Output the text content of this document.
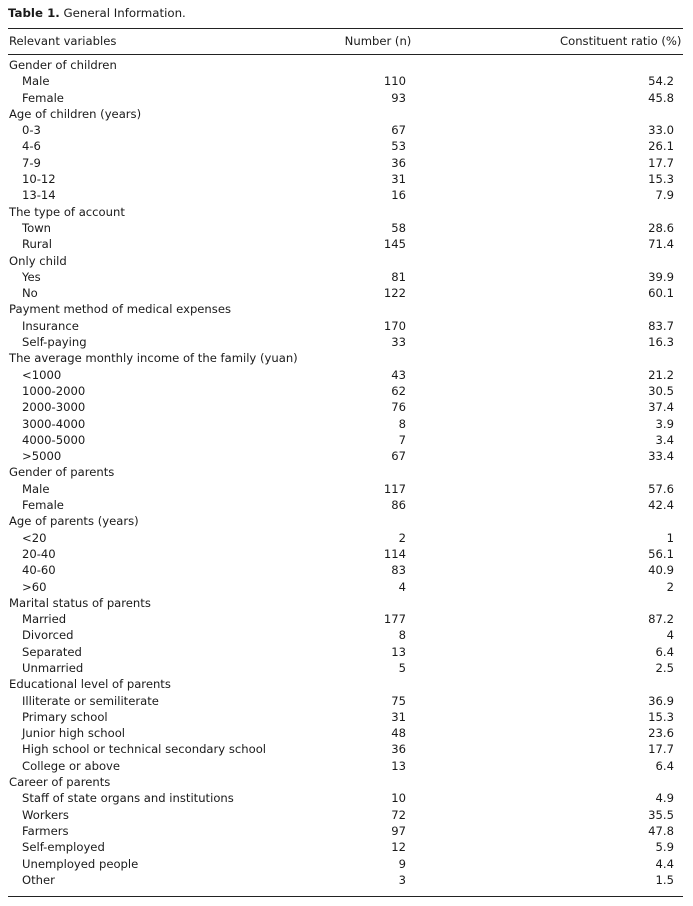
Table 1. General Information.
Relevant variables	Number (n)	Constituent ratio (%)
Gender of children
Male	110	54.2
Female	93	45.8
Age of children (years)
0-3	67	33.0
4-6	53	26.1
7-9	36	17.7
10-12	31	15.3
13-14	16	7.9
The type of account
Town	58	28.6
Rural	145	71.4
Only child
Yes	81	39.9
No	122	60.1
Payment method of medical expenses
Insurance	170	83.7
Self-paying	33	16.3
The average monthly income of the family (yuan)
<1000	43	21.2
1000-2000	62	30.5
2000-3000	76	37.4
3000-4000	8	3.9
4000-5000	7	3.4
>5000	67	33.4
Gender of parents
Male	117	57.6
Female	86	42.4
Age of parents (years)
<20	2	1
20-40	114	56.1
40-60	83	40.9
>60	4	2
Marital status of parents
Married	177	87.2
Divorced	8	4
Separated	13	6.4
Unmarried	5	2.5
Educational level of parents
Illiterate or semiliterate	75	36.9
Primary school	31	15.3
Junior high school	48	23.6
High school or technical secondary school	36	17.7
College or above	13	6.4
Career of parents
Staff of state organs and institutions	10	4.9
Workers	72	35.5
Farmers	97	47.8
Self-employed	12	5.9
Unemployed people	9	4.4
Other	3	1.5
